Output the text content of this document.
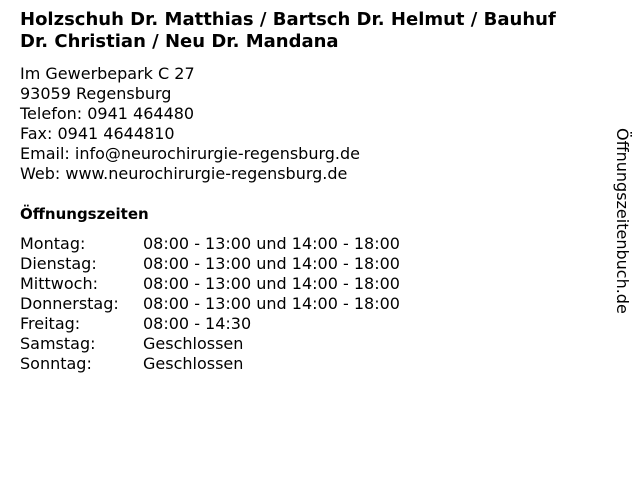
Holzschuh Dr. Matthias / Bartsch Dr. Helmut / Bauhuf
Dr. Christian / Neu Dr. Mandana
Im Gewerbepark C 27
93059 Regensburg
Telefon: 0941 464480
Fax: 0941 4644810
Email: info@neurochirurgie-regensburg.de
Web: www.neurochirurgie-regensburg.de
Öffnungszeiten
Montag:	08:00 - 13:00 und 14:00 - 18:00
Dienstag:	08:00 - 13:00 und 14:00 - 18:00
Mittwoch:	08:00 - 13:00 und 14:00 - 18:00
Donnerstag:	08:00 - 13:00 und 14:00 - 18:00
Freitag:	08:00 - 14:30
Samstag:	Geschlossen
Sonntag:	Geschlossen
Öffnungszeitenbuch.de
